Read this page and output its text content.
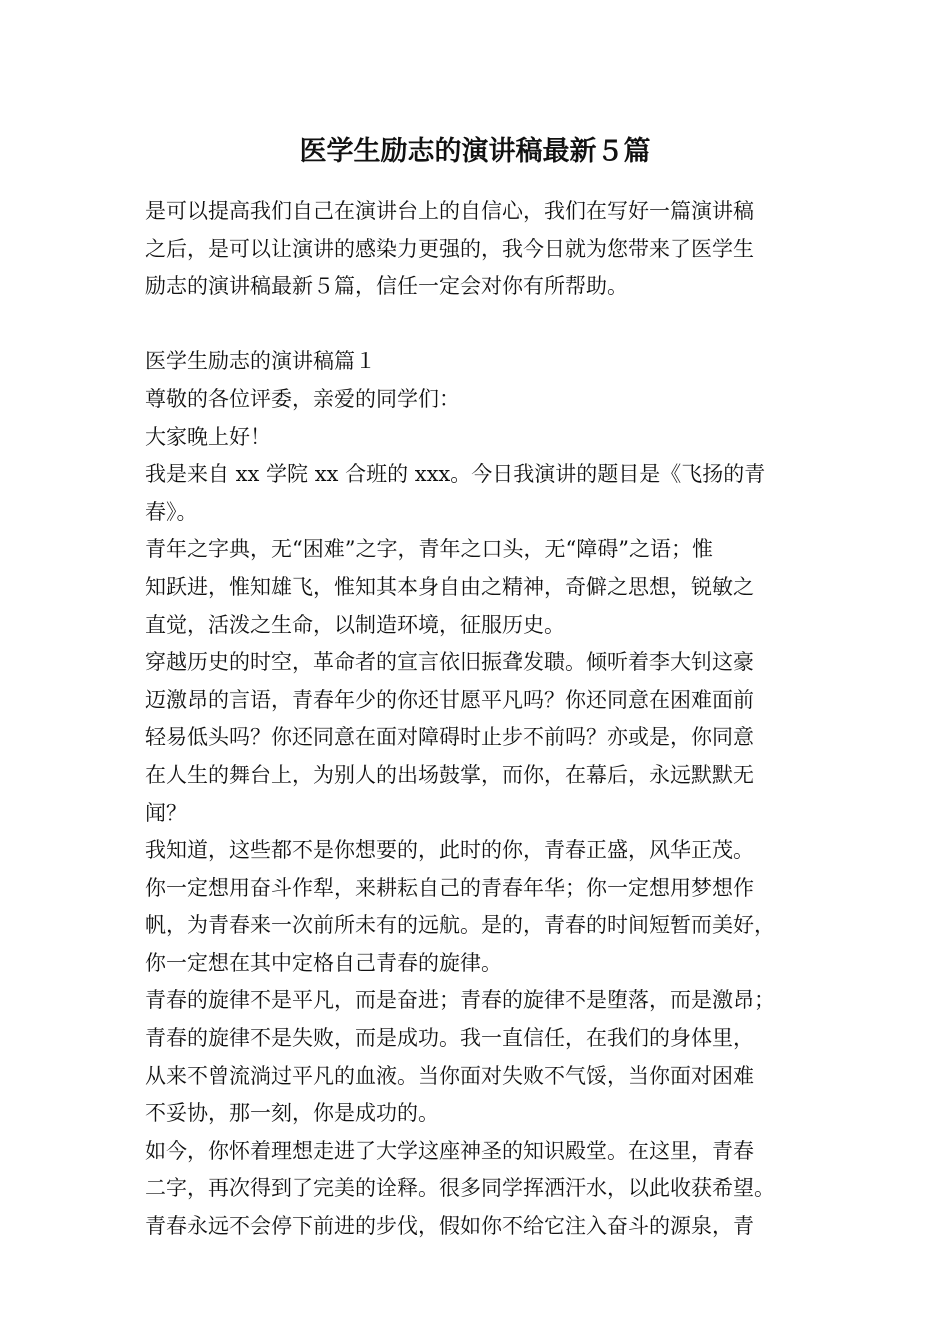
医学生励志的演讲稿最新５篇
是可以提高我们自己在演讲台上的自信心，我们在写好一篇演讲稿
之后，是可以让演讲的感染力更强的，我今日就为您带来了医学生
励志的演讲稿最新５篇，信任一定会对你有所帮助。
医学生励志的演讲稿篇１
尊敬的各位评委，亲爱的同学们：
大家晚上好！
我是来自 xx 学院 xx 合班的 xxx。今日我演讲的题目是《飞扬的青
春》。
青年之字典，无“困难”之字，青年之口头，无“障碍”之语；惟
知跃进，惟知雄飞，惟知其本身自由之精神，奇僻之思想，锐敏之
直觉，活泼之生命，以制造环境，征服历史。
穿越历史的时空，革命者的宣言依旧振聋发聩。倾听着李大钊这豪
迈激昂的言语，青春年少的你还甘愿平凡吗？你还同意在困难面前
轻易低头吗？你还同意在面对障碍时止步不前吗？亦或是，你同意
在人生的舞台上，为别人的出场鼓掌，而你，在幕后，永远默默无
闻？
我知道，这些都不是你想要的，此时的你，青春正盛，风华正茂。
你一定想用奋斗作犁，来耕耘自己的青春年华；你一定想用梦想作
帆，为青春来一次前所未有的远航。是的，青春的时间短暂而美好，
你一定想在其中定格自己青春的旋律。
青春的旋律不是平凡，而是奋进；青春的旋律不是堕落，而是激昂；
青春的旋律不是失败，而是成功。我一直信任，在我们的身体里，
从来不曾流淌过平凡的血液。当你面对失败不气馁，当你面对困难
不妥协，那一刻，你是成功的。
如今，你怀着理想走进了大学这座神圣的知识殿堂。在这里，青春
二字，再次得到了完美的诠释。很多同学挥洒汗水，以此收获希望。
青春永远不会停下前进的步伐，假如你不给它注入奋斗的源泉，青
